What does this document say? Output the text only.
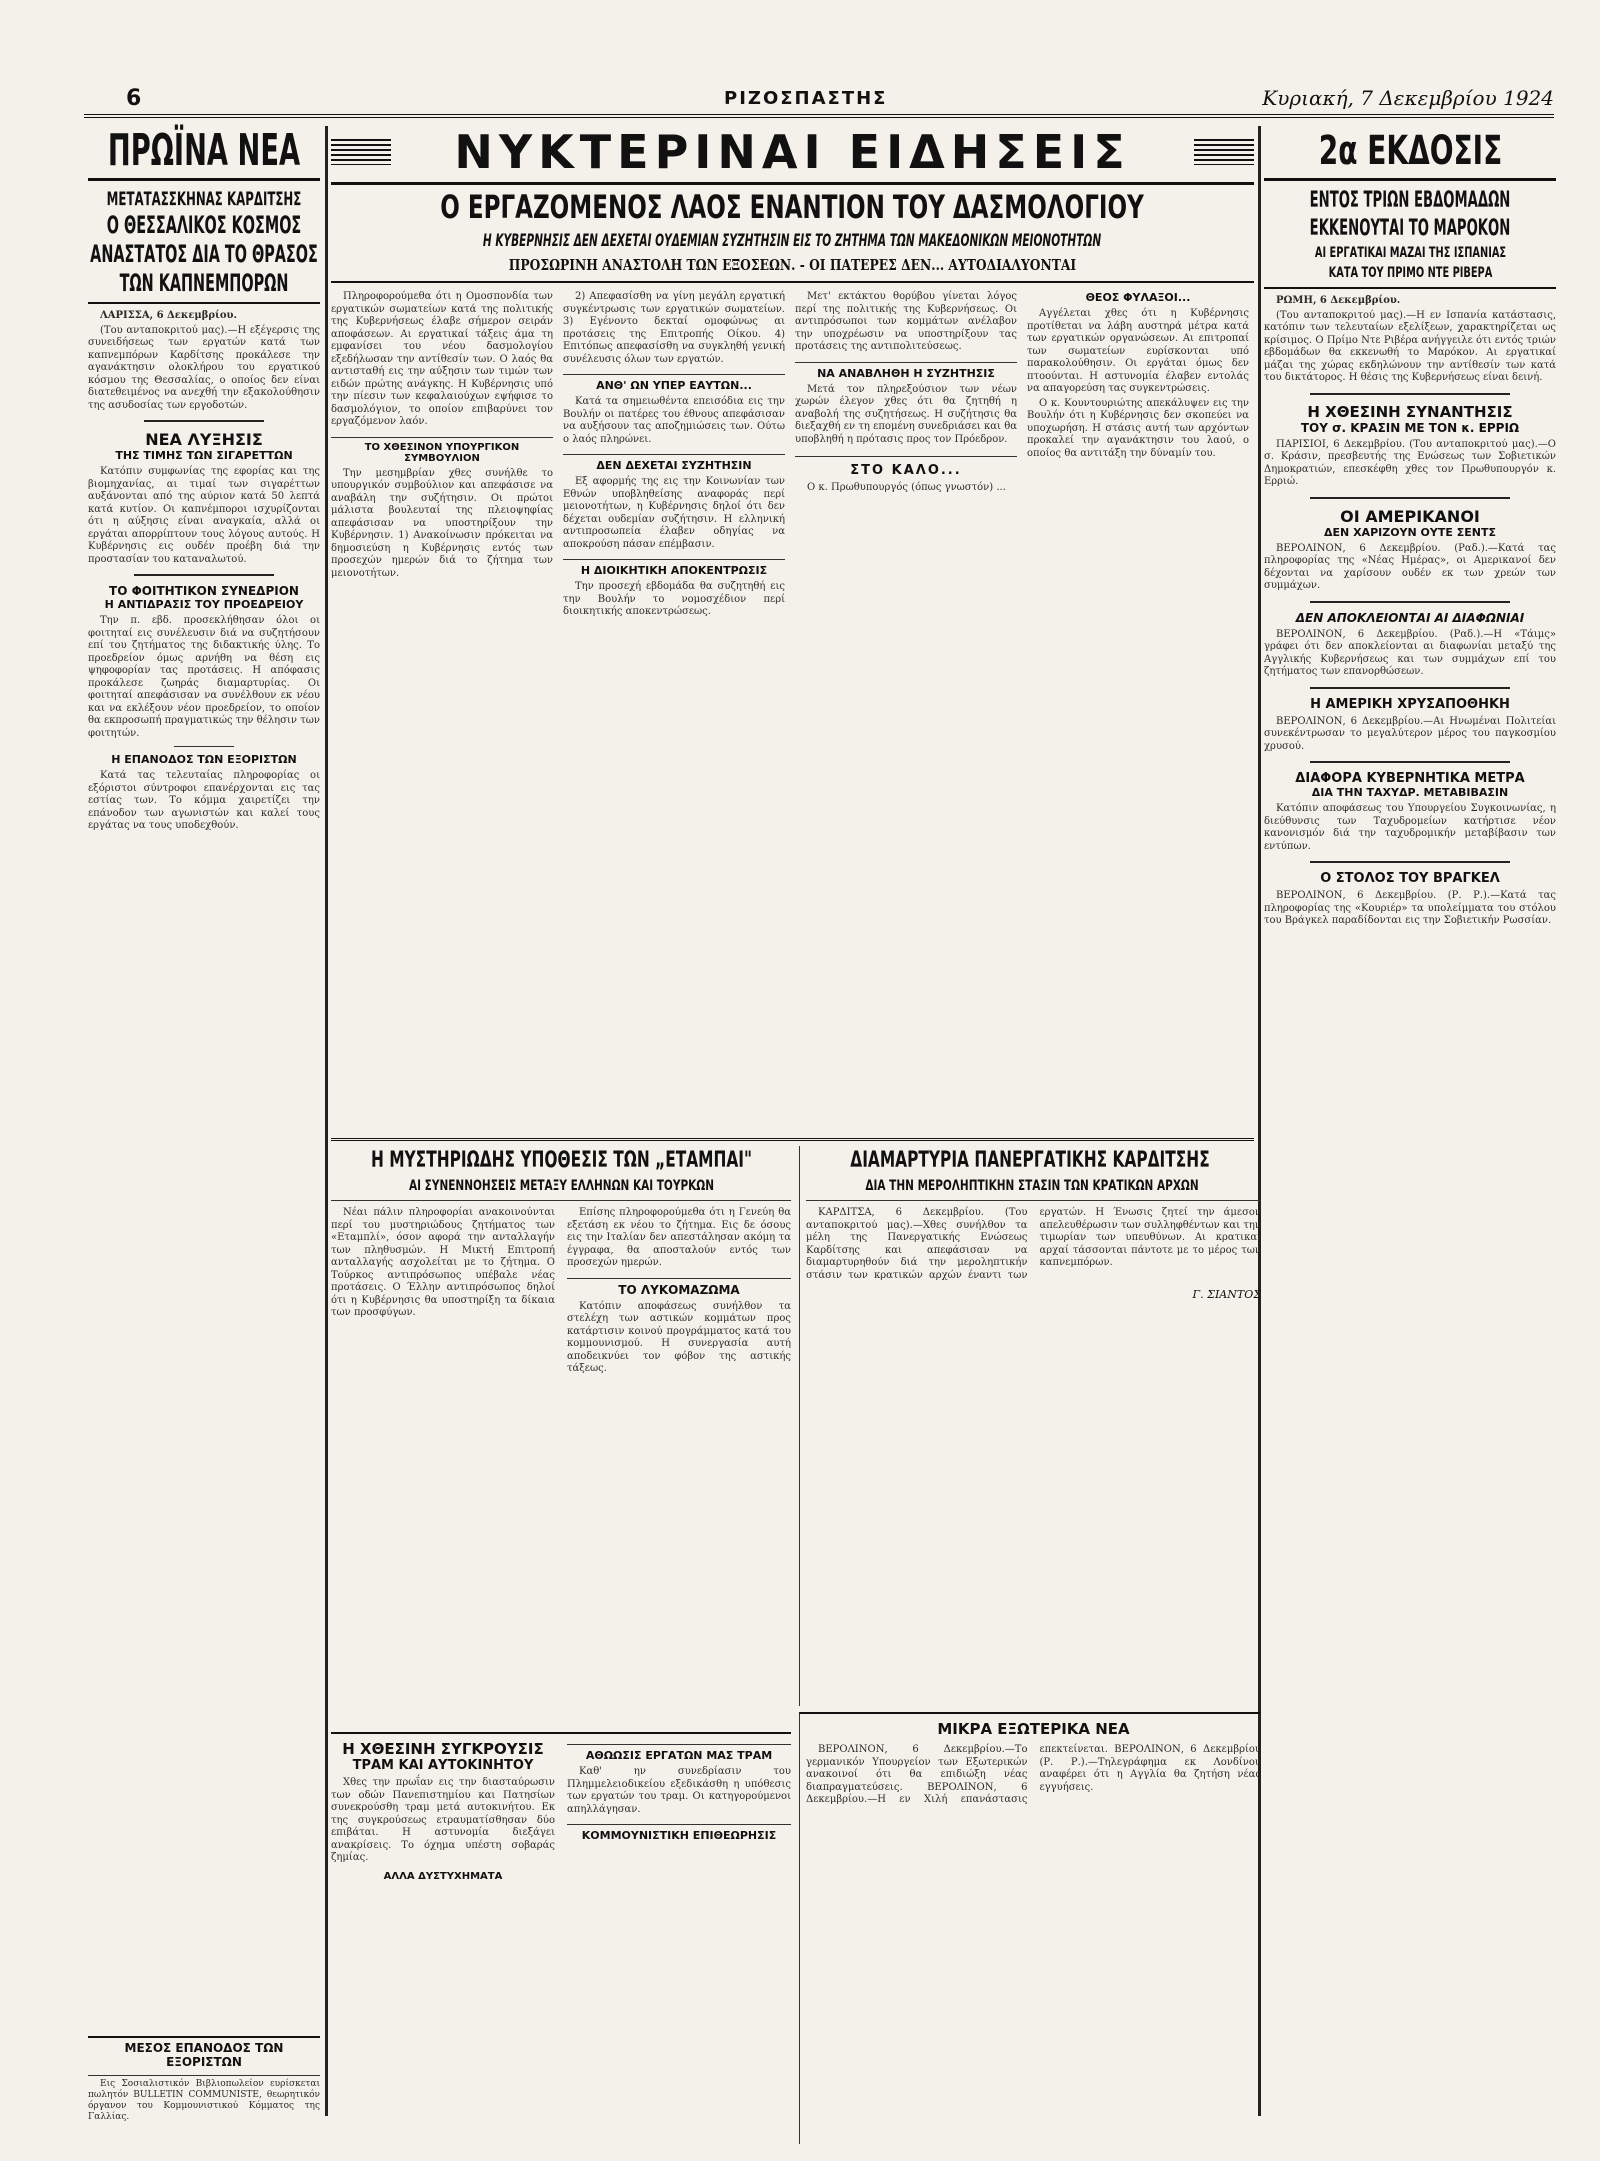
6	ΡΙΖΟΣΠΑΣΤΗΣ	Κυριακή, 7 Δεκεμβρίου 1924
ΠΡΩΪΝΑ ΝΕΑ
ΜΕΤΑΤΑΣΣΚΗΝΑΣ ΚΑΡΔΙΤΣΗΣ
Ο ΘΕΣΣΑΛΙΚΟΣ ΚΟΣΜΟΣ
ΑΝΑΣΤΑΤΟΣ ΔΙΑ ΤΟ ΘΡΑΣΟΣ
ΤΩΝ ΚΑΠΝΕΜΠΟΡΩΝ

ΛΑΡΙΣΣΑ, 6 Δεκεμβρίου.

(Του ανταποκριτού μας).—Η εξέγερσις της συνειδήσεως των εργατών κατά των καπνεμπόρων Καρδίτσης προκάλεσε την αγανάκτησιν ολοκλήρου του εργατικού κόσμου της Θεσσαλίας, ο οποίος δεν είναι διατεθειμένος να ανεχθή την εξακολούθησιν της ασυδοσίας των εργοδοτών.

ΝΕΑ ΛΥΞΗΣΙΣ
ΤΗΣ ΤΙΜΗΣ ΤΩΝ ΣΙΓΑΡΕΤΤΩΝ

Κατόπιν συμφωνίας της εφορίας και της βιομηχανίας, αι τιμαί των σιγαρέττων αυξάνονται από της αύριον κατά 50 λεπτά κατά κυτίον. Οι καπνέμποροι ισχυρίζονται ότι η αύξησις είναι αναγκαία, αλλά οι εργάται απορρίπτουν τους λόγους αυτούς. Η Κυβέρνησις εις ουδέν προέβη διά την προστασίαν του καταναλωτού.

ΤΟ ΦΟΙΤΗΤΙΚΟΝ ΣΥΝΕΔΡΙΟΝ
Η ΑΝΤΙΔΡΑΣΙΣ ΤΟΥ ΠΡΟΕΔΡΕΙΟΥ

Την π. εβδ. προσεκλήθησαν όλοι οι φοιτηταί εις συνέλευσιν διά να συζητήσουν επί του ζητήματος της διδακτικής ύλης. Το προεδρείον όμως αρνήθη να θέση εις ψηφοφορίαν τας προτάσεις. Η απόφασις προκάλεσε ζωηράς διαμαρτυρίας. Οι φοιτηταί απεφάσισαν να συνέλθουν εκ νέου και να εκλέξουν νέον προεδρείον, το οποίον θα εκπροσωπή πραγματικώς την θέλησιν των φοιτητών.

Η ΕΠΑΝΟΔΟΣ ΤΩΝ ΕΞΟΡΙΣΤΩΝ

Κατά τας τελευταίας πληροφορίας οι εξόριστοι σύντροφοι επανέρχονται εις τας εστίας των. Το κόμμα χαιρετίζει την επάνοδον των αγωνιστών και καλεί τους εργάτας να τους υποδεχθούν.

ΜΕΣΟΣ ΕΠΑΝΟΔΟΣ ΤΩΝ ΕΞΟΡΙΣΤΩΝ

Εις Σοσιαλιστικόν Βιβλιοπωλείον ευρίσκεται πωλητόν BULLETIN COMMUNISTE, θεωρητικόν όργανον του Κομμουνιστικού Κόμματος της Γαλλίας.

ΝΥΚΤΕΡΙΝΑΙ ΕΙΔΗΣΕΙΣ
Ο ΕΡΓΑΖΟΜΕΝΟΣ ΛΑΟΣ ΕΝΑΝΤΙΟΝ ΤΟΥ ΔΑΣΜΟΛΟΓΙΟΥ
Η ΚΥΒΕΡΝΗΣΙΣ ΔΕΝ ΔΕΧΕΤΑΙ ΟΥΔΕΜΙΑΝ ΣΥΖΗΤΗΣΙΝ ΕΙΣ ΤΟ ΖΗΤΗΜΑ ΤΩΝ ΜΑΚΕΔΟΝΙΚΩΝ ΜΕΙΟΝΟΤΗΤΩΝ
ΠΡΟΣΩΡΙΝΗ ΑΝΑΣΤΟΛΗ ΤΩΝ ΕΞΟΣΕΩΝ. - ΟΙ ΠΑΤΕΡΕΣ ΔΕΝ... ΑΥΤΟΔΙΑΛΥΟΝΤΑΙ

Πληροφορούμεθα ότι η Ομοσπονδία των εργατικών σωματείων κατά της πολιτικής της Κυβερνήσεως έλαβε σήμερον σειράν αποφάσεων. Αι εργατικαί τάξεις άμα τη εμφανίσει του νέου δασμολογίου εξεδήλωσαν την αντίθεσίν των. Ο λαός θα αντισταθή εις την αύξησιν των τιμών των ειδών πρώτης ανάγκης. Η Κυβέρνησις υπό την πίεσιν των κεφαλαιούχων εψήφισε το δασμολόγιον, το οποίον επιβαρύνει τον εργαζόμενον λαόν.

ΤΟ ΧΘΕΣΙΝΟΝ ΥΠΟΥΡΓΙΚΟΝ ΣΥΜΒΟΥΛΙΟΝ

Την μεσημβρίαν χθες συνήλθε το υπουργικόν συμβούλιον και απεφάσισε να αναβάλη την συζήτησιν. Οι πρώτοι μάλιστα βουλευταί της πλειοψηφίας απεφάσισαν να υποστηρίξουν την Κυβέρνησιν. 1) Ανακοίνωσιν πρόκειται να δημοσιεύση η Κυβέρνησις εντός των προσεχών ημερών διά το ζήτημα των μειονοτήτων.

2) Απεφασίσθη να γίνη μεγάλη εργατική συγκέντρωσις των εργατικών σωματείων. 3) Εγένοντο δεκταί ομοφώνως αι προτάσεις της Επιτροπής Οίκου. 4) Επιτόπως απεφασίσθη να συγκληθή γενική συνέλευσις όλων των εργατών.

ΑΝΘ' ΩΝ ΥΠΕΡ ΕΑΥΤΩΝ...

Κατά τα σημειωθέντα επεισόδια εις την Βουλήν οι πατέρες του έθνους απεφάσισαν να αυξήσουν τας αποζημιώσεις των. Ούτω ο λαός πληρώνει.

ΔΕΝ ΔΕΧΕΤΑΙ ΣΥΖΗΤΗΣΙΝ

Εξ αφορμής της εις την Κοινωνίαν των Εθνών υποβληθείσης αναφοράς περί μειονοτήτων, η Κυβέρνησις δηλοί ότι δεν δέχεται ουδεμίαν συζήτησιν. Η ελληνική αντιπροσωπεία έλαβεν οδηγίας να αποκρούση πάσαν επέμβασιν.

Η ΔΙΟΙΚΗΤΙΚΗ ΑΠΟΚΕΝΤΡΩΣΙΣ

Την προσεχή εβδομάδα θα συζητηθή εις την Βουλήν το νομοσχέδιον περί διοικητικής αποκεντρώσεως.

Μετ' εκτάκτου θορύβου γίνεται λόγος περί της πολιτικής της Κυβερνήσεως. Οι αντιπρόσωποι των κομμάτων ανέλαβον την υποχρέωσιν να υποστηρίξουν τας προτάσεις της αντιπολιτεύσεως.

ΝΑ ΑΝΑΒΛΗΘΗ Η ΣΥΖΗΤΗΣΙΣ

Μετά τον πληρεξούσιον των νέων χωρών έλεγον χθες ότι θα ζητηθή η αναβολή της συζητήσεως. Η συζήτησις θα διεξαχθή εν τη επομένη συνεδριάσει και θα υποβληθή η πρότασις προς τον Πρόεδρον.

ΣΤΟ ΚΑΛΟ...

Ο κ. Πρωθυπουργός (όπως γνωστόν) ...

ΘΕΟΣ ΦΥΛΑΞΟΙ...

Αγγέλεται χθες ότι η Κυβέρνησις προτίθεται να λάβη αυστηρά μέτρα κατά των εργατικών οργανώσεων. Αι επιτροπαί των σωματείων ευρίσκονται υπό παρακολούθησιν. Οι εργάται όμως δεν πτοούνται. Η αστυνομία έλαβεν εντολάς να απαγορεύση τας συγκεντρώσεις.

Ο κ. Κουντουριώτης απεκάλυψεν εις την Βουλήν ότι η Κυβέρνησις δεν σκοπεύει να υποχωρήση. Η στάσις αυτή των αρχόντων προκαλεί την αγανάκτησιν του λαού, ο οποίος θα αντιτάξη την δύναμίν του.

Η ΜΥΣΤΗΡΙΩΔΗΣ ΥΠΟΘΕΣΙΣ ΤΩΝ „ΕΤΑΜΠΑΙ"
ΑΙ ΣΥΝΕΝΝΟΗΣΕΙΣ ΜΕΤΑΞΥ ΕΛΛΗΝΩΝ ΚΑΙ ΤΟΥΡΚΩΝ

Νέαι πάλιν πληροφορίαι ανακοινούνται περί του μυστηριώδους ζητήματος των «Εταμπλί», όσον αφορά την ανταλλαγήν των πληθυσμών. Η Μικτή Επιτροπή ανταλλαγής ασχολείται με το ζήτημα. Ο Τούρκος αντιπρόσωπος υπέβαλε νέας προτάσεις. Ο Έλλην αντιπρόσωπος δηλοί ότι η Κυβέρνησις θα υποστηρίξη τα δίκαια των προσφύγων.

Επίσης πληροφορούμεθα ότι η Γενεύη θα εξετάση εκ νέου το ζήτημα. Εις δε όσους εις την Ιταλίαν δεν απεστάλησαν ακόμη τα έγγραφα, θα αποσταλούν εντός των προσεχών ημερών.

ΤΟ ΛΥΚΟΜΑΖΩΜΑ

Κατόπιν αποφάσεως συνήλθον τα στελέχη των αστικών κομμάτων προς κατάρτισιν κοινού προγράμματος κατά του κομμουνισμού. Η συνεργασία αυτή αποδεικνύει τον φόβον της αστικής τάξεως.

Η ΧΘΕΣΙΝΗ ΣΥΓΚΡΟΥΣΙΣ
ΤΡΑΜ ΚΑΙ ΑΥΤΟΚΙΝΗΤΟΥ

Χθες την πρωΐαν εις την διασταύρωσιν των οδών Πανεπιστημίου και Πατησίων συνεκρούσθη τραμ μετά αυτοκινήτου. Εκ της συγκρούσεως ετραυματίσθησαν δύο επιβάται. Η αστυνομία διεξάγει ανακρίσεις. Το όχημα υπέστη σοβαράς ζημίας.

ΑΛΛΑ ΔΥΣΤΥΧΗΜΑΤΑ
ΑΘΩΩΣΙΣ ΕΡΓΑΤΩΝ ΜΑΣ ΤΡΑΜ

Καθ' ην συνεδρίασιν του Πλημμελειοδικείου εξεδικάσθη η υπόθεσις των εργατών του τραμ. Οι κατηγορούμενοι απηλλάγησαν.

ΚΟΜΜΟΥΝΙΣΤΙΚΗ ΕΠΙΘΕΩΡΗΣΙΣ
ΔΙΑΜΑΡΤΥΡΙΑ ΠΑΝΕΡΓΑΤΙΚΗΣ ΚΑΡΔΙΤΣΗΣ
ΔΙΑ ΤΗΝ ΜΕΡΟΛΗΠΤΙΚΗΝ ΣΤΑΣΙΝ ΤΩΝ ΚΡΑΤΙΚΩΝ ΑΡΧΩΝ

ΚΑΡΔΙΤΣΑ, 6 Δεκεμβρίου. (Του ανταποκριτού μας).—Χθες συνήλθον τα μέλη της Πανεργατικής Ενώσεως Καρδίτσης και απεφάσισαν να διαμαρτυρηθούν διά την μεροληπτικήν στάσιν των κρατικών αρχών έναντι των εργατών. Η Ένωσις ζητεί την άμεσον απελευθέρωσιν των συλληφθέντων και την τιμωρίαν των υπευθύνων. Αι κρατικαί αρχαί τάσσονται πάντοτε με το μέρος των καπνεμπόρων.

Γ. ΣΙΑΝΤΟΣ
ΜΙΚΡΑ ΕΞΩΤΕΡΙΚΑ ΝΕΑ

ΒΕΡΟΛΙΝΟΝ, 6 Δεκεμβρίου.—Το γερμανικόν Υπουργείον των Εξωτερικών ανακοινοί ότι θα επιδιώξη νέας διαπραγματεύσεις. ΒΕΡΟΛΙΝΟΝ, 6 Δεκεμβρίου.—Η εν Χιλή επανάστασις επεκτείνεται. ΒΕΡΟΛΙΝΟΝ, 6 Δεκεμβρίου (Ρ. Ρ.).—Τηλεγράφημα εκ Λονδίνου αναφέρει ότι η Αγγλία θα ζητήση νέας εγγυήσεις.

2α ΕΚΔΟΣΙΣ
ΕΝΤΟΣ ΤΡΙΩΝ ΕΒΔΟΜΑΔΩΝ
ΕΚΚΕΝΟΥΤΑΙ ΤΟ ΜΑΡΟΚΟΝ
ΑΙ ΕΡΓΑΤΙΚΑΙ ΜΑΖΑΙ ΤΗΣ ΙΣΠΑΝΙΑΣ
ΚΑΤΑ ΤΟΥ ΠΡΙΜΟ ΝΤΕ ΡΙΒΕΡΑ

ΡΩΜΗ, 6 Δεκεμβρίου.

(Του ανταποκριτού μας).—Η εν Ισπανία κατάστασις, κατόπιν των τελευταίων εξελίξεων, χαρακτηρίζεται ως κρίσιμος. Ο Πρίμο Ντε Ριβέρα ανήγγειλε ότι εντός τριών εβδομάδων θα εκκενωθή το Μαρόκον. Αι εργατικαί μάζαι της χώρας εκδηλώνουν την αντίθεσίν των κατά του δικτάτορος. Η θέσις της Κυβερνήσεως είναι δεινή.

Η ΧΘΕΣΙΝΗ ΣΥΝΑΝΤΗΣΙΣ
ΤΟΥ σ. ΚΡΑΣΙΝ ΜΕ ΤΟΝ κ. ΕΡΡΙΩ

ΠΑΡΙΣΙΟΙ, 6 Δεκεμβρίου. (Του ανταποκριτού μας).—Ο σ. Κράσιν, πρεσβευτής της Ενώσεως των Σοβιετικών Δημοκρατιών, επεσκέφθη χθες τον Πρωθυπουργόν κ. Ερριώ.

ΟΙ ΑΜΕΡΙΚΑΝΟΙ
ΔΕΝ ΧΑΡΙΖΟΥΝ ΟΥΤΕ ΣΕΝΤΣ

ΒΕΡΟΛΙΝΟΝ, 6 Δεκεμβρίου. (Ραδ.).—Κατά τας πληροφορίας της «Νέας Ημέρας», οι Αμερικανοί δεν δέχονται να χαρίσουν ουδέν εκ των χρεών των συμμάχων.

ΔΕΝ ΑΠΟΚΛΕΙΟΝΤΑΙ ΑΙ ΔΙΑΦΩΝΙΑΙ

ΒΕΡΟΛΙΝΟΝ, 6 Δεκεμβρίου. (Ραδ.).—Η «Τάιμς» γράφει ότι δεν αποκλείονται αι διαφωνίαι μεταξύ της Αγγλικής Κυβερνήσεως και των συμμάχων επί του ζητήματος των επανορθώσεων.

Η ΑΜΕΡΙΚΗ ΧΡΥΣΑΠΟΘΗΚΗ

ΒΕΡΟΛΙΝΟΝ, 6 Δεκεμβρίου.—Αι Ηνωμέναι Πολιτείαι συνεκέντρωσαν το μεγαλύτερον μέρος του παγκοσμίου χρυσού.

ΔΙΑΦΟΡΑ ΚΥΒΕΡΝΗΤΙΚΑ ΜΕΤΡΑ
ΔΙΑ ΤΗΝ ΤΑΧΥΔΡ. ΜΕΤΑΒΙΒΑΣΙΝ

Κατόπιν αποφάσεως του Υπουργείου Συγκοινωνίας, η διεύθυνσις των Ταχυδρομείων κατήρτισε νέον κανονισμόν διά την ταχυδρομικήν μεταβίβασιν των εντύπων.

Ο ΣΤΟΛΟΣ ΤΟΥ ΒΡΑΓΚΕΛ

ΒΕΡΟΛΙΝΟΝ, 6 Δεκεμβρίου. (Ρ. Ρ.).—Κατά τας πληροφορίας της «Κουριέρ» τα υπολείμματα του στόλου του Βράγκελ παραδίδονται εις την Σοβιετικήν Ρωσσίαν.
